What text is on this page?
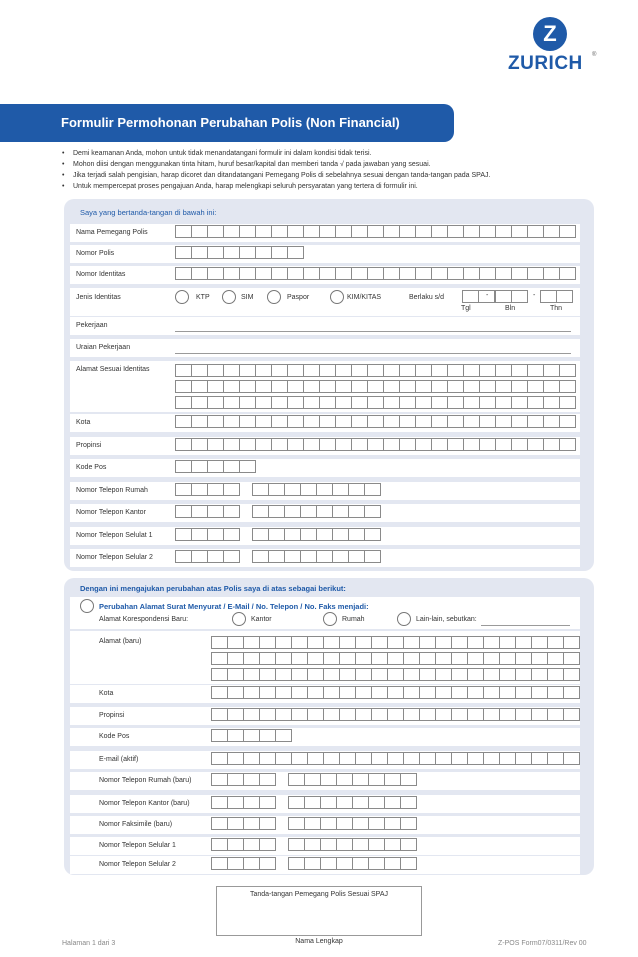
Z
ZURICH	®
Formulir Permohonan Perubahan Polis (Non Financial)
• Demi keamanan Anda, mohon untuk tidak menandatangani formulir ini dalam kondisi tidak terisi.
• Mohon diisi dengan menggunakan tinta hitam, huruf besar/kapital dan memberi tanda √ pada jawaban yang sesuai.
• Jika terjadi salah pengisian, harap dicoret dan ditandatangani Pemegang Polis di sebelahnya sesuai dengan tanda-tangan pada SPAJ.
• Untuk mempercepat proses pengajuan Anda, harap melengkapi seluruh persyaratan yang tertera di formulir ini.
Saya yang bertanda-tangan di bawah ini:
Nama Pemegang Polis
Nomor Polis
Nomor Identitas
Jenis Identitas	KTP	SIM	Paspor	KIM/KITAS	Berlaku s/d	-	-
Tgl	Bln	Thn
Pekerjaan
Uraian Pekerjaan
Alamat Sesuai Identitas
Kota
Propinsi
Kode Pos
Nomor Telepon Rumah
Nomor Telepon Kantor
Nomor Telepon Selulat 1
Nomor Telepon Selular 2
Dengan ini mengajukan perubahan atas Polis saya di atas sebagai berikut:
Perubahan Alamat Surat Menyurat / E-Mail / No. Telepon / No. Faks menjadi:
Alamat Korespondensi Baru:	Kantor	Rumah	Lain-lain, sebutkan:
Alamat (baru)
Kota
Propinsi
Kode Pos
E-mail (aktif)
Nomor Telepon Rumah (baru)
Nomor Telepon Kantor (baru)
Nomor Faksimile (baru)
Nomor Telepon Selular 1
Nomor Telepon Selular 2
Tanda-tangan Pemegang Polis Sesuai SPAJ
Nama Lengkap
Halaman 1 dari 3	Z-POS Form07/0311/Rev 00
